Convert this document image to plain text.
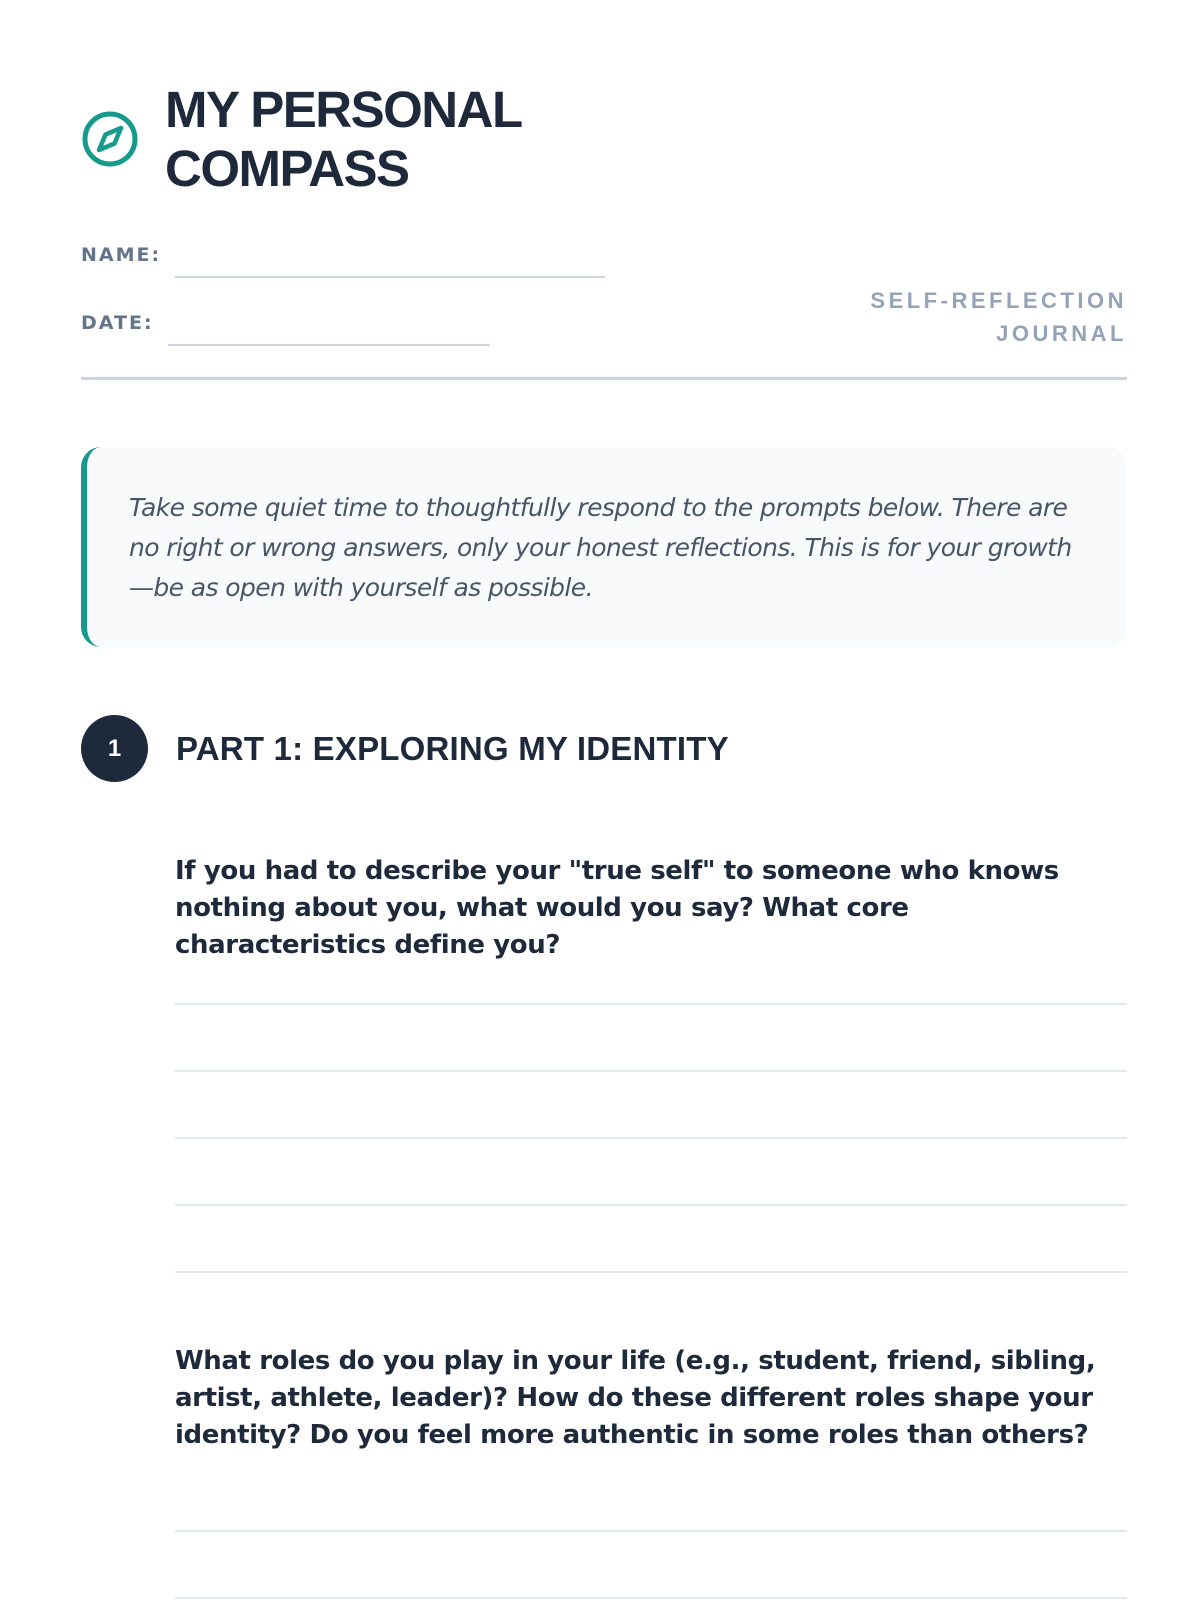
MY PERSONAL COMPASS
NAME:
DATE:
SELF-REFLECTION JOURNAL

Take some quiet time to thoughtfully respond to the prompts below. There are no right or wrong answers, only your honest reflections. This is for your growth—be as open with yourself as possible.

1	PART 1: EXPLORING MY IDENTITY

If you had to describe your "true self" to someone who knows nothing about you, what would you say? What core characteristics define you?

What roles do you play in your life (e.g., student, friend, sibling, artist, athlete, leader)? How do these different roles shape your identity? Do you feel more authentic in some roles than others?
